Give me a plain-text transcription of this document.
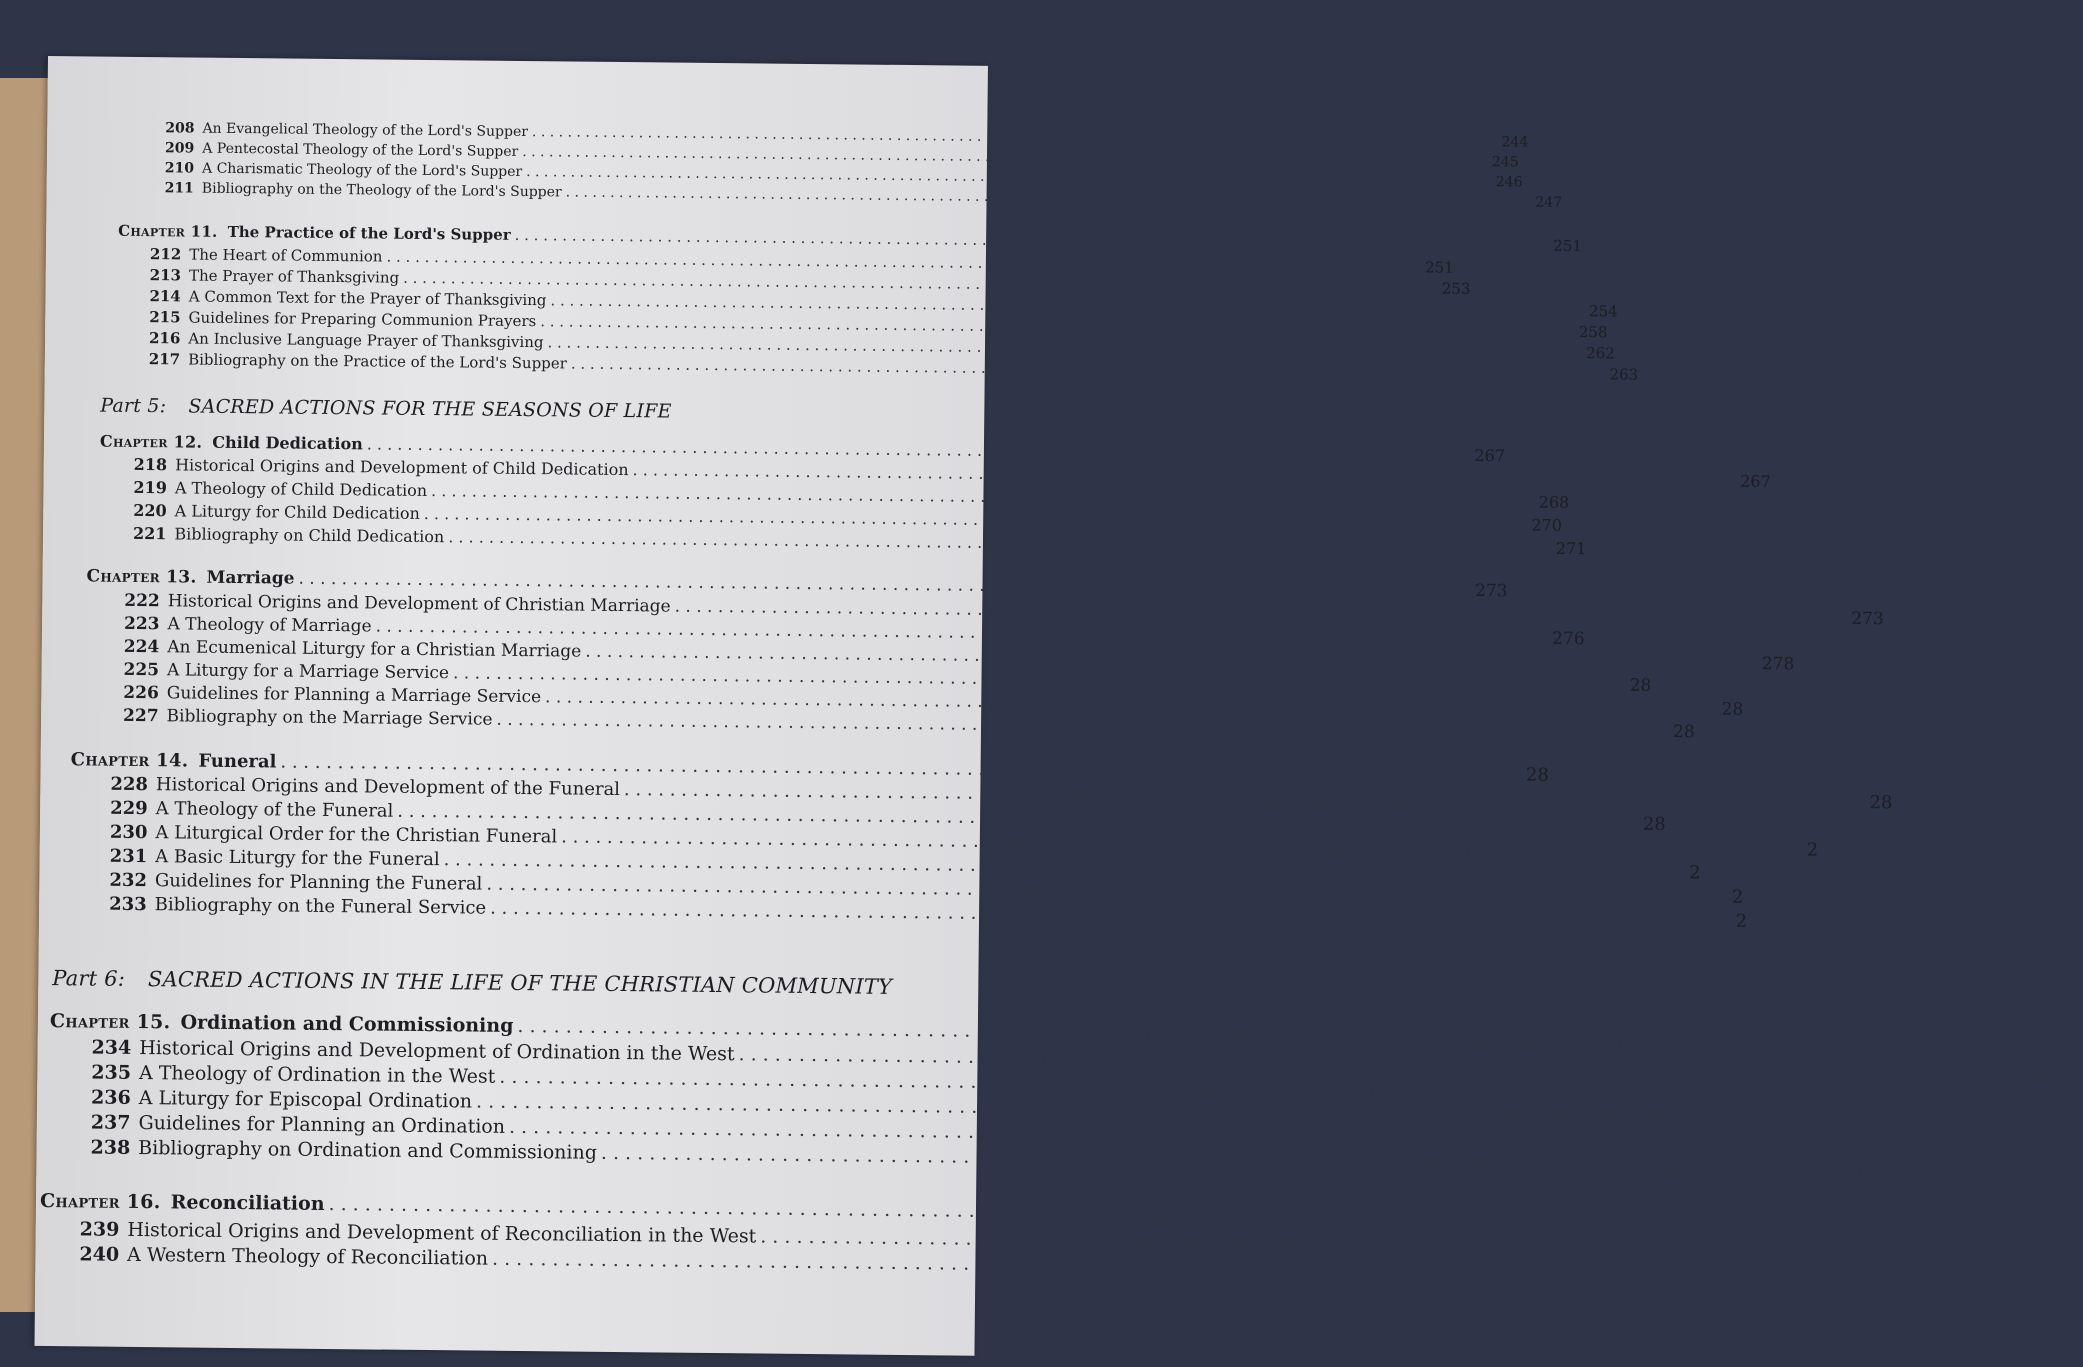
208 An Evangelical Theology of the Lord's Supper
. . .
244
209 A Pentecostal Theology of the Lord's Supper
. . .
245
210 A Charismatic Theology of the Lord's Supper
. . .
246
211 Bibliography on the Theology of the Lord's Supper
. . .
247
Chapter 11. The Practice of the Lord's Supper
. . .
251
212 The Heart of Communion
. . .
251
213 The Prayer of Thanksgiving
. . .
253
214 A Common Text for the Prayer of Thanksgiving
. . .
254
215 Guidelines for Preparing Communion Prayers
. . .
258
216 An Inclusive Language Prayer of Thanksgiving
. . .
262
217 Bibliography on the Practice of the Lord's Supper
. . .
263
Part 5: SACRED ACTIONS FOR THE SEASONS OF LIFE
Chapter 12. Child Dedication
. . .
267
218 Historical Origins and Development of Child Dedication
. . .
267
219 A Theology of Child Dedication
. . .
268
220 A Liturgy for Child Dedication
. . .
270
221 Bibliography on Child Dedication
. . .
271
Chapter 13. Marriage
. . .
273
222 Historical Origins and Development of Christian Marriage
. . .
273
223 A Theology of Marriage
. . .
276
224 An Ecumenical Liturgy for a Christian Marriage
. . .
278
225 A Liturgy for a Marriage Service
. . .
28
226 Guidelines for Planning a Marriage Service
. . .
28
227 Bibliography on the Marriage Service
. . .
28
Chapter 14. Funeral
. . .
28
228 Historical Origins and Development of the Funeral
. . .
28
229 A Theology of the Funeral
. . .
28
230 A Liturgical Order for the Christian Funeral
. . .
2
231 A Basic Liturgy for the Funeral
. . .
2
232 Guidelines for Planning the Funeral
. . .
2
233 Bibliography on the Funeral Service
. . .
2
Part 6: SACRED ACTIONS IN THE LIFE OF THE CHRISTIAN COMMUNITY
Chapter 15. Ordination and Commissioning
. . .
234 Historical Origins and Development of Ordination in the West
. . .
235 A Theology of Ordination in the West
. . .
236 A Liturgy for Episcopal Ordination
. . .
237 Guidelines for Planning an Ordination
. . .
238 Bibliography on Ordination and Commissioning
. . .
Chapter 16. Reconciliation
. . .
239 Historical Origins and Development of Reconciliation in the West
. . .
240 A Western Theology of Reconciliation
. . .
